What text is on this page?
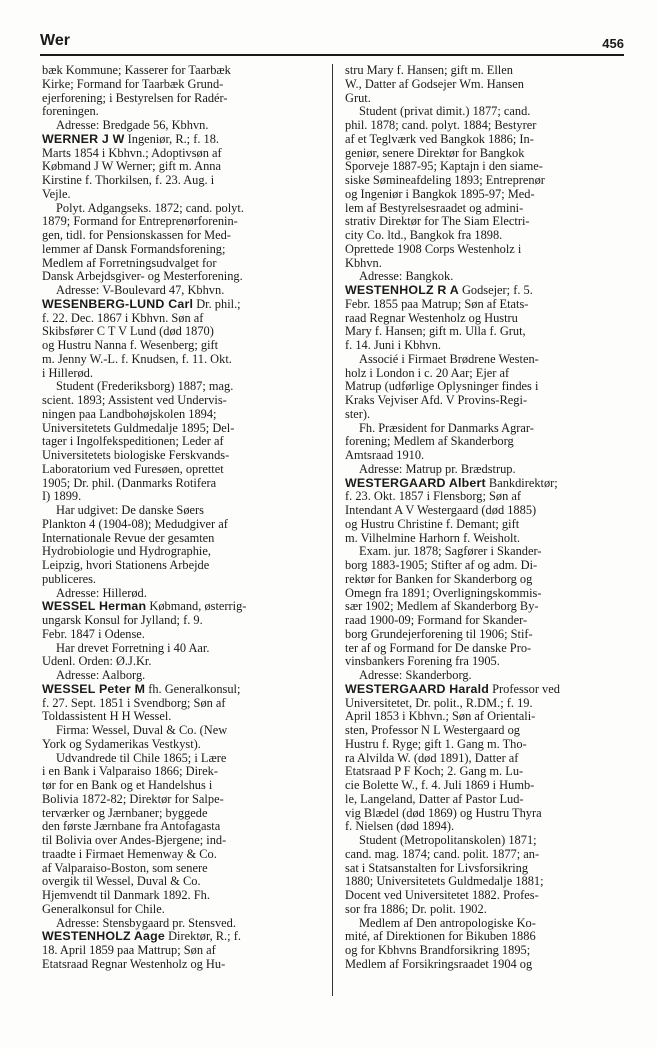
Wer	456
bæk Kommune; Kasserer for Taarbæk
Kirke; Formand for Taarbæk Grund-
ejerforening; i Bestyrelsen for Radér-
foreningen.
Adresse: Bredgade 56, Kbhvn.
WERNER J W Ingeniør, R.; f. 18.
Marts 1854 i Kbhvn.; Adoptivsøn af
Købmand J W Werner; gift m. Anna
Kirstine f. Thorkilsen, f. 23. Aug. i
Vejle.
Polyt. Adgangseks. 1872; cand. polyt.
1879; Formand for Entreprenørforenin-
gen, tidl. for Pensionskassen for Med-
lemmer af Dansk Formandsforening;
Medlem af Forretningsudvalget for
Dansk Arbejdsgiver- og Mesterforening.
Adresse: V-Boulevard 47, Kbhvn.
WESENBERG-LUND Carl Dr. phil.;
f. 22. Dec. 1867 i Kbhvn. Søn af
Skibsfører C T V Lund (død 1870)
og Hustru Nanna f. Wesenberg; gift
m. Jenny W.-L. f. Knudsen, f. 11. Okt.
i Hillerød.
Student (Frederiksborg) 1887; mag.
scient. 1893; Assistent ved Undervis-
ningen paa Landbohøjskolen 1894;
Universitetets Guldmedalje 1895; Del-
tager i Ingolfekspeditionen; Leder af
Universitetets biologiske Ferskvands-
Laboratorium ved Furesøen, oprettet
1905; Dr. phil. (Danmarks Rotifera
I) 1899.
Har udgivet: De danske Søers
Plankton 4 (1904-08); Medudgiver af
Internationale Revue der gesamten
Hydrobiologie und Hydrographie,
Leipzig, hvori Stationens Arbejde
publiceres.
Adresse: Hillerød.
WESSEL Herman Købmand, østerrig-
ungarsk Konsul for Jylland; f. 9.
Febr. 1847 i Odense.
Har drevet Forretning i 40 Aar.
Udenl. Orden: Ø.J.Kr.
Adresse: Aalborg.
WESSEL Peter M fh. Generalkonsul;
f. 27. Sept. 1851 i Svendborg; Søn af
Toldassistent H H Wessel.
Firma: Wessel, Duval & Co. (New
York og Sydamerikas Vestkyst).
Udvandrede til Chile 1865; i Lære
i en Bank i Valparaiso 1866; Direk-
tør for en Bank og et Handelshus i
Bolivia 1872-82; Direktør for Salpe-
terværker og Jærnbaner; byggede
den første Jærnbane fra Antofagasta
til Bolivia over Andes-Bjergene; ind-
traadte i Firmaet Hemenway & Co.
af Valparaiso-Boston, som senere
overgik til Wessel, Duval & Co.
Hjemvendt til Danmark 1892. Fh.
Generalkonsul for Chile.
Adresse: Stensbygaard pr. Stensved.
WESTENHOLZ Aage Direktør, R.; f.
18. April 1859 paa Mattrup; Søn af
Etatsraad Regnar Westenholz og Hu-
stru Mary f. Hansen; gift m. Ellen
W., Datter af Godsejer Wm. Hansen
Grut.
Student (privat dimit.) 1877; cand.
phil. 1878; cand. polyt. 1884; Bestyrer
af et Teglværk ved Bangkok 1886; In-
geniør, senere Direktør for Bangkok
Sporveje 1887-95; Kaptajn i den siame-
siske Sømineafdeling 1893; Entreprenør
og Ingeniør i Bangkok 1895-97; Med-
lem af Bestyrelsesraadet og admini-
strativ Direktør for The Siam Electri-
city Co. ltd., Bangkok fra 1898.
Oprettede 1908 Corps Westenholz i
Kbhvn.
Adresse: Bangkok.
WESTENHOLZ R A Godsejer; f. 5.
Febr. 1855 paa Matrup; Søn af Etats-
raad Regnar Westenholz og Hustru
Mary f. Hansen; gift m. Ulla f. Grut,
f. 14. Juni i Kbhvn.
Associé i Firmaet Brødrene Westen-
holz i London i c. 20 Aar; Ejer af
Matrup (udførlige Oplysninger findes i
Kraks Vejviser Afd. V Provins-Regi-
ster).
Fh. Præsident for Danmarks Agrar-
forening; Medlem af Skanderborg
Amtsraad 1910.
Adresse: Matrup pr. Brædstrup.
WESTERGAARD Albert Bankdirektør;
f. 23. Okt. 1857 i Flensborg; Søn af
Intendant A V Westergaard (død 1885)
og Hustru Christine f. Demant; gift
m. Vilhelmine Harhorn f. Weisholt.
Exam. jur. 1878; Sagfører i Skander-
borg 1883-1905; Stifter af og adm. Di-
rektør for Banken for Skanderborg og
Omegn fra 1891; Overligningskommis-
sær 1902; Medlem af Skanderborg By-
raad 1900-09; Formand for Skander-
borg Grundejerforening til 1906; Stif-
ter af og Formand for De danske Pro-
vinsbankers Forening fra 1905.
Adresse: Skanderborg.
WESTERGAARD Harald Professor ved
Universitetet, Dr. polit., R.DM.; f. 19.
April 1853 i Kbhvn.; Søn af Orientali-
sten, Professor N L Westergaard og
Hustru f. Ryge; gift 1. Gang m. Tho-
ra Alvilda W. (død 1891), Datter af
Etatsraad P F Koch; 2. Gang m. Lu-
cie Bolette W., f. 4. Juli 1869 i Humb-
le, Langeland, Datter af Pastor Lud-
vig Blædel (død 1869) og Hustru Thyra
f. Nielsen (død 1894).
Student (Metropolitanskolen) 1871;
cand. mag. 1874; cand. polit. 1877; an-
sat i Statsanstalten for Livsforsikring
1880; Universitetets Guldmedalje 1881;
Docent ved Universitetet 1882. Profes-
sor fra 1886; Dr. polit. 1902.
Medlem af Den antropologiske Ko-
mité, af Direktionen for Bikuben 1886
og for Kbhvns Brandforsikring 1895;
Medlem af Forsikringsraadet 1904 og
